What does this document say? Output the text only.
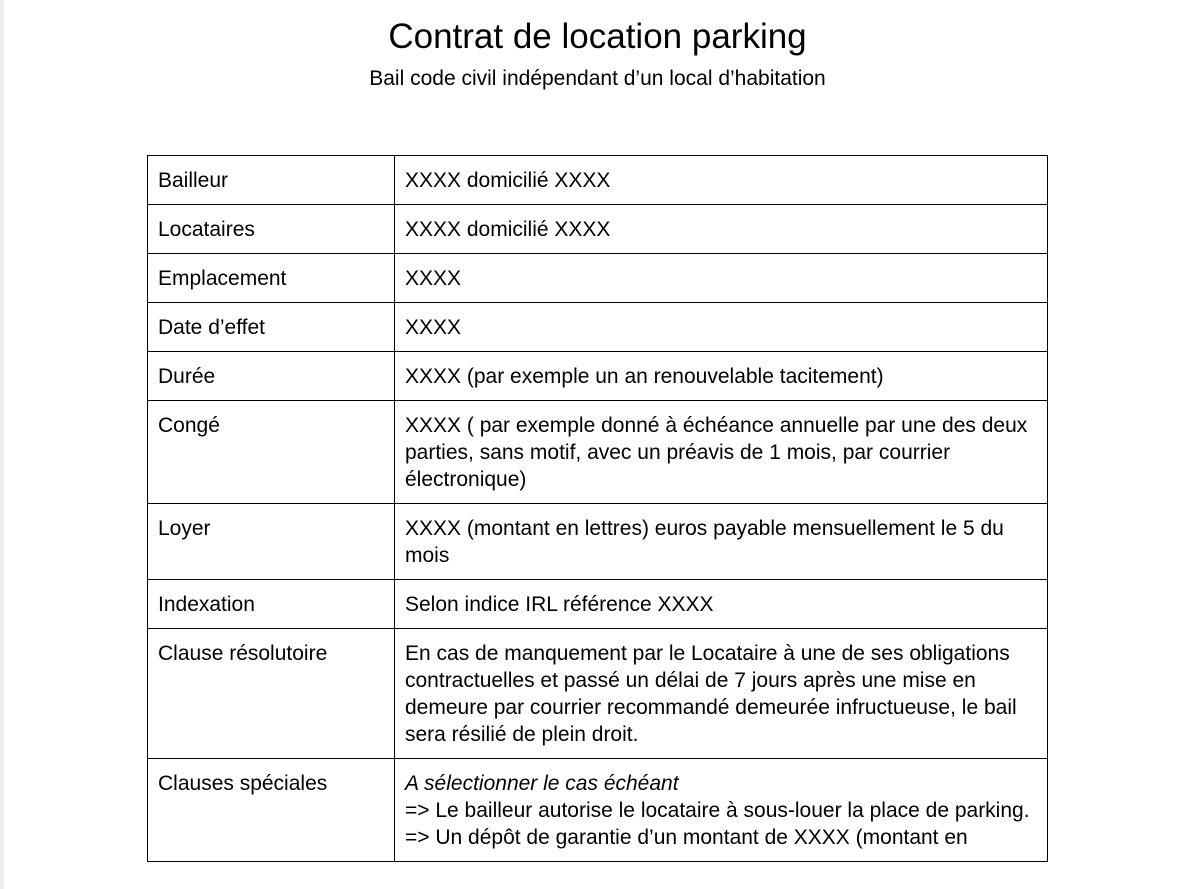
Contrat de location parking

Bail code civil indépendant d’un local d’habitation

Bailleur	XXXX domicilié XXXX
Locataires	XXXX domicilié XXXX
Emplacement	XXXX
Date d’effet	XXXX
Durée	XXXX (par exemple un an renouvelable tacitement)
Congé	XXXX ( par exemple donné à échéance annuelle par une des deux parties, sans motif, avec un préavis de 1 mois, par courrier électronique)
Loyer	XXXX (montant en lettres) euros payable mensuellement le 5 du mois
Indexation	Selon indice IRL référence XXXX
Clause résolutoire	En cas de manquement par le Locataire à une de ses obligations contractuelles et passé un délai de 7 jours après une mise en demeure par courrier recommandé demeurée infructueuse, le bail sera résilié de plein droit.
Clauses spéciales	A sélectionner le cas échéant
=> Le bailleur autorise le locataire à sous-louer la place de parking.
=> Un dépôt de garantie d’un montant de XXXX (montant en
